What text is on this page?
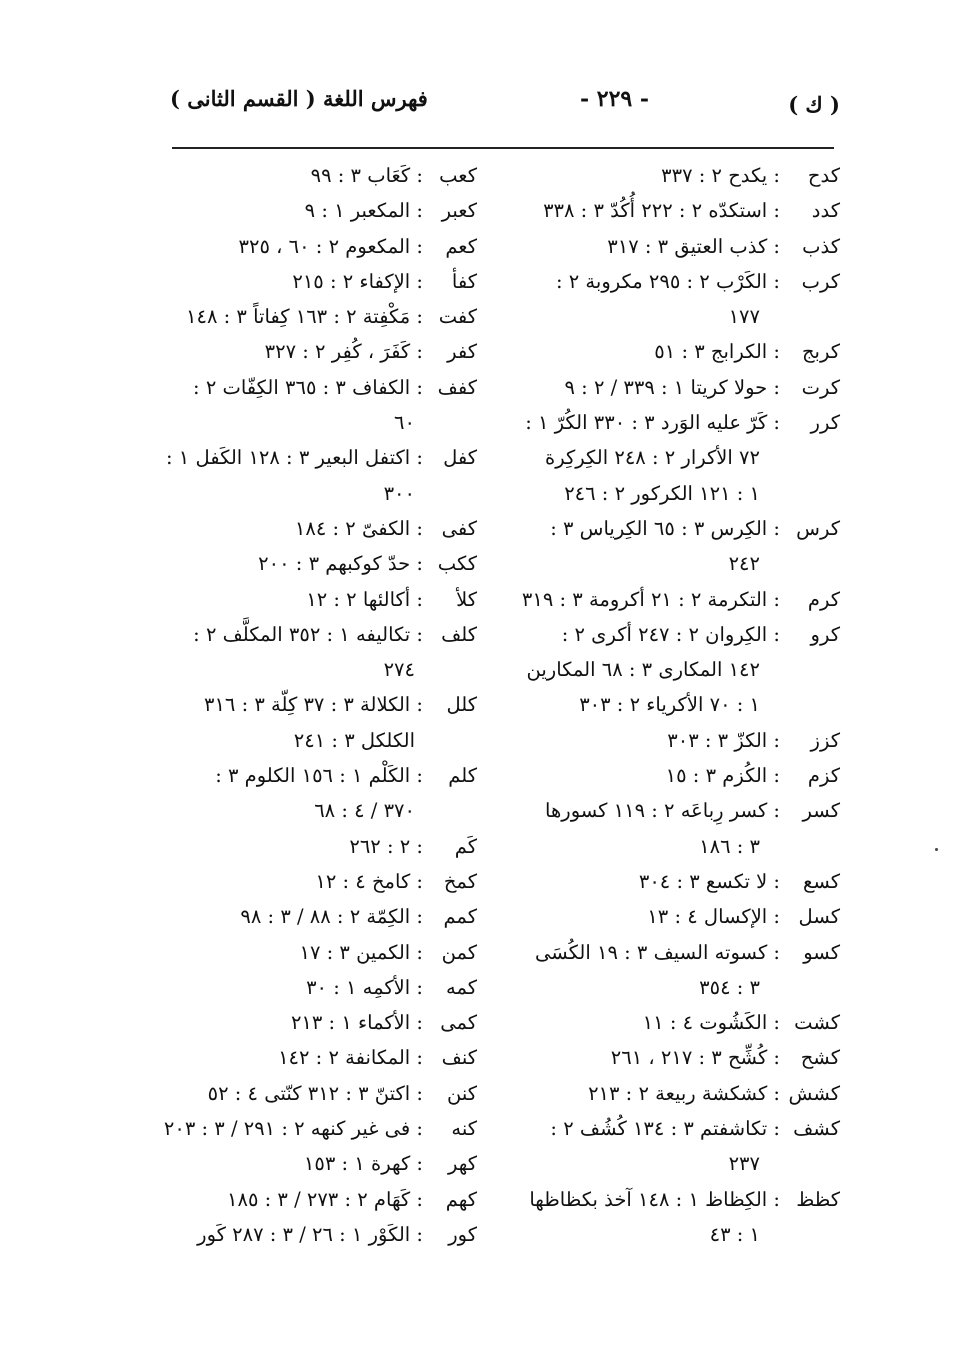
فهرس اللغة ( القسم الثانى )	- ٢٢٩ -	( ك )
كدح
: يكدح ٢ : ٣٣٧
كدد
: استكدّه ٢ : ٢٢٢ أُكُدّ ٣ : ٣٣٨
كذب
: كذب العتيق ٣ : ٣١٧
كرب
: الكَرْب ٢ : ٢٩٥ مكروبة ٢ :
١٧٧
كربج
: الكرابج ٣ : ٥١
كرت
: حولا كريتا ١ : ٣٣٩ / ٢ : ٩
كرر
: كَرّ عليه الوَرد ٣ : ٣٣٠ الكُرّ ١ :
٧٢ الأكرار ٢ : ٢٤٨ الكِركِرة
١ : ١٢١ الكركور ٢ : ٢٤٦
كرس
: الكِرس ٣ : ٦٥ الكِرياس ٣ :
٢٤٢
كرم
: التكرمة ٢ : ٢١ أكرومة ٣ : ٣١٩
كرو
: الكِروان ٢ : ٢٤٧ أكرى ٢ :
١٤٢ المكارى ٣ : ٦٨ المكارين
١ : ٧٠ الأكرياء ٢ : ٣٠٣
كزز
: الكزّ ٣ : ٣٠٣
كزم
: الكُزم ٣ : ١٥
كسر
: كسر رِباعَه ٢ : ١١٩ كسورها
٣ : ١٨٦
كسع
: لا تكسع ٣ : ٣٠٤
كسل
: الإكسال ٤ : ١٣
كسو
: كسوته السيف ٣ : ١٩ الكُسَى
٣ : ٣٥٤
كشت
: الكَشُوت ٤ : ١١
كشح
: كُشِّح ٣ : ٢١٧ ، ٢٦١
كشش
: كشكشة ربيعة ٢ : ٢١٣
كشف
: تكاشفتم ٣ : ١٣٤ كُشُف ٢ :
٢٣٧
كظظ
: الكِظاظ ١ : ١٤٨ آخذ بكظاظها
١ : ٤٣
كعب
: كَعَاب ٣ : ٩٩
كعبر
: المكعبر ١ : ٩
كعم
: المكعوم ٢ : ٦٠ ، ٣٢٥
كفأ
: الإكفاء ٢ : ٢١٥
كفت
: مَكْفِتة ٢ : ١٦٣ كِفاتاً ٣ : ١٤٨
كفر
: كَفَرَ ، كُفِر ٢ : ٣٢٧
كفف
: الكفاف ٣ : ٣٦٥ الكِفّات ٢ :
٦٠
كفل
: اكتفل البعير ٣ : ١٢٨ الكَفل ١ :
٣٠٠
كفى
: الكفىّ ٢ : ١٨٤
ككب
: حدّ كوكبهم ٣ : ٢٠٠
كلأ
: أكالئها ٢ : ١٢
كلف
: تكاليفه ١ : ٣٥٢ المكلَّف ٢ :
٢٧٤
كلل
: الكلالة ٣ : ٣٧ كِلّة ٣ : ٣١٦
الكلكل ٣ : ٢٤١
كلم
: الكَلْم ١ : ١٥٦ الكلوم ٣ :
٣٧٠ / ٤ : ٦٨
كَم
: ٢ : ٢٦٢
كمخ
: كامخ ٤ : ١٢
كمم
: الكِمّة ٢ : ٨٨ / ٣ : ٩٨
كمن
: الكمين ٣ : ١٧
كمه
: الأكمِه ١ : ٣٠
كمى
: الأكماء ١ : ٢١٣
كنف
: المكانفة ٢ : ١٤٢
كنن
: اكتنّ ٣ : ٣١٢ كنّتى ٤ : ٥٢
كنه
: فى غير كنهه ٢ : ٢٩١ / ٣ : ٢٠٣
كهر
: كهرة ١ : ١٥٣
كهم
: كَهَام ٢ : ٢٧٣ / ٣ : ١٨٥
كور
: الكَوْر ١ : ٢٦ / ٣ : ٢٨٧ كَور
